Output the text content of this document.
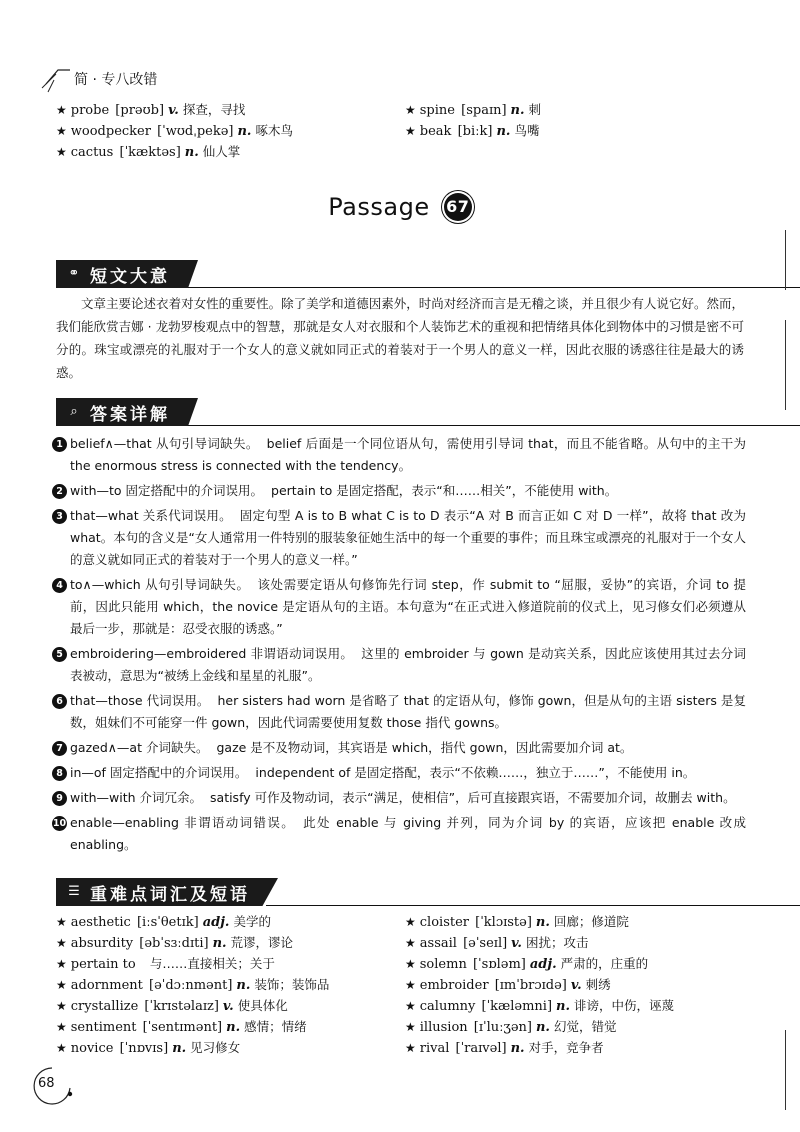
简 · 专八改错
★ probe [prəʊb] v. 探查，寻找
★ woodpecker [ˈwʊdˌpekə] n. 啄木鸟
★ cactus [ˈkæktəs] n. 仙人掌
★ spine [spaɪn] n. 刺
★ beak [biːk] n. 鸟嘴
Passage 67
⚭ 短文大意

文章主要论述衣着对女性的重要性。除了美学和道德因素外，时尚对经济而言是无稽之谈，并且很少有人说它好。然而，我们能欣赏吉娜 · 龙勃罗梭观点中的智慧，那就是女人对衣服和个人装饰艺术的重视和把情绪具体化到物体中的习惯是密不可分的。珠宝或漂亮的礼服对于一个女人的意义就如同正式的着装对于一个男人的意义一样，因此衣服的诱惑往往是最大的诱惑。

⌕ 答案详解
1 belief∧—that 从句引导词缺失。 belief 后面是一个同位语从句，需使用引导词 that，而且不能省略。从句中的主干为 the enormous stress is connected with the tendency。
2 with—to 固定搭配中的介词误用。 pertain to 是固定搭配，表示“和……相关”，不能使用 with。
3 that—what 关系代词误用。 固定句型 A is to B what C is to D 表示“A 对 B 而言正如 C 对 D 一样”，故将 that 改为 what。本句的含义是“女人通常用一件特别的服装象征她生活中的每一个重要的事件；而且珠宝或漂亮的礼服对于一个女人的意义就如同正式的着装对于一个男人的意义一样。”
4 to∧—which 从句引导词缺失。 该处需要定语从句修饰先行词 step，作 submit to “屈服，妥协”的宾语，介词 to 提前，因此只能用 which，the novice 是定语从句的主语。本句意为“在正式进入修道院前的仪式上，见习修女们必须遵从最后一步，那就是：忍受衣服的诱惑。”
5 embroidering—embroidered 非谓语动词误用。 这里的 embroider 与 gown 是动宾关系，因此应该使用其过去分词表被动，意思为“被绣上金线和星星的礼服”。
6 that—those 代词误用。 her sisters had worn 是省略了 that 的定语从句，修饰 gown，但是从句的主语 sisters 是复数，姐妹们不可能穿一件 gown，因此代词需要使用复数 those 指代 gowns。
7 gazed∧—at 介词缺失。 gaze 是不及物动词，其宾语是 which，指代 gown，因此需要加介词 at。
8 in—of 固定搭配中的介词误用。 independent of 是固定搭配，表示“不依赖……，独立于……”，不能使用 in。
9 with—with 介词冗余。 satisfy 可作及物动词，表示“满足，使相信”，后可直接跟宾语，不需要加介词，故删去 with。
10 enable—enabling 非谓语动词错误。 此处 enable 与 giving 并列，同为介词 by 的宾语，应该把 enable 改成 enabling。
☰ 重难点词汇及短语
★ aesthetic [iːsˈθetɪk] adj. 美学的
★ absurdity [əbˈsɜːdɪti] n. 荒谬，谬论
★ pertain to 与……直接相关；关于
★ adornment [əˈdɔːnmənt] n. 装饰；装饰品
★ crystallize [ˈkrɪstəlaɪz] v. 使具体化
★ sentiment [ˈsentɪmənt] n. 感情；情绪
★ novice [ˈnɒvɪs] n. 见习修女
★ cloister [ˈklɔɪstə] n. 回廊；修道院
★ assail [əˈseɪl] v. 困扰；攻击
★ solemn [ˈsɒləm] adj. 严肃的，庄重的
★ embroider [ɪmˈbrɔɪdə] v. 刺绣
★ calumny [ˈkæləmni] n. 诽谤，中伤，诬蔑
★ illusion [ɪˈluːʒən] n. 幻觉，错觉
★ rival [ˈraɪvəl] n. 对手，竞争者
68
